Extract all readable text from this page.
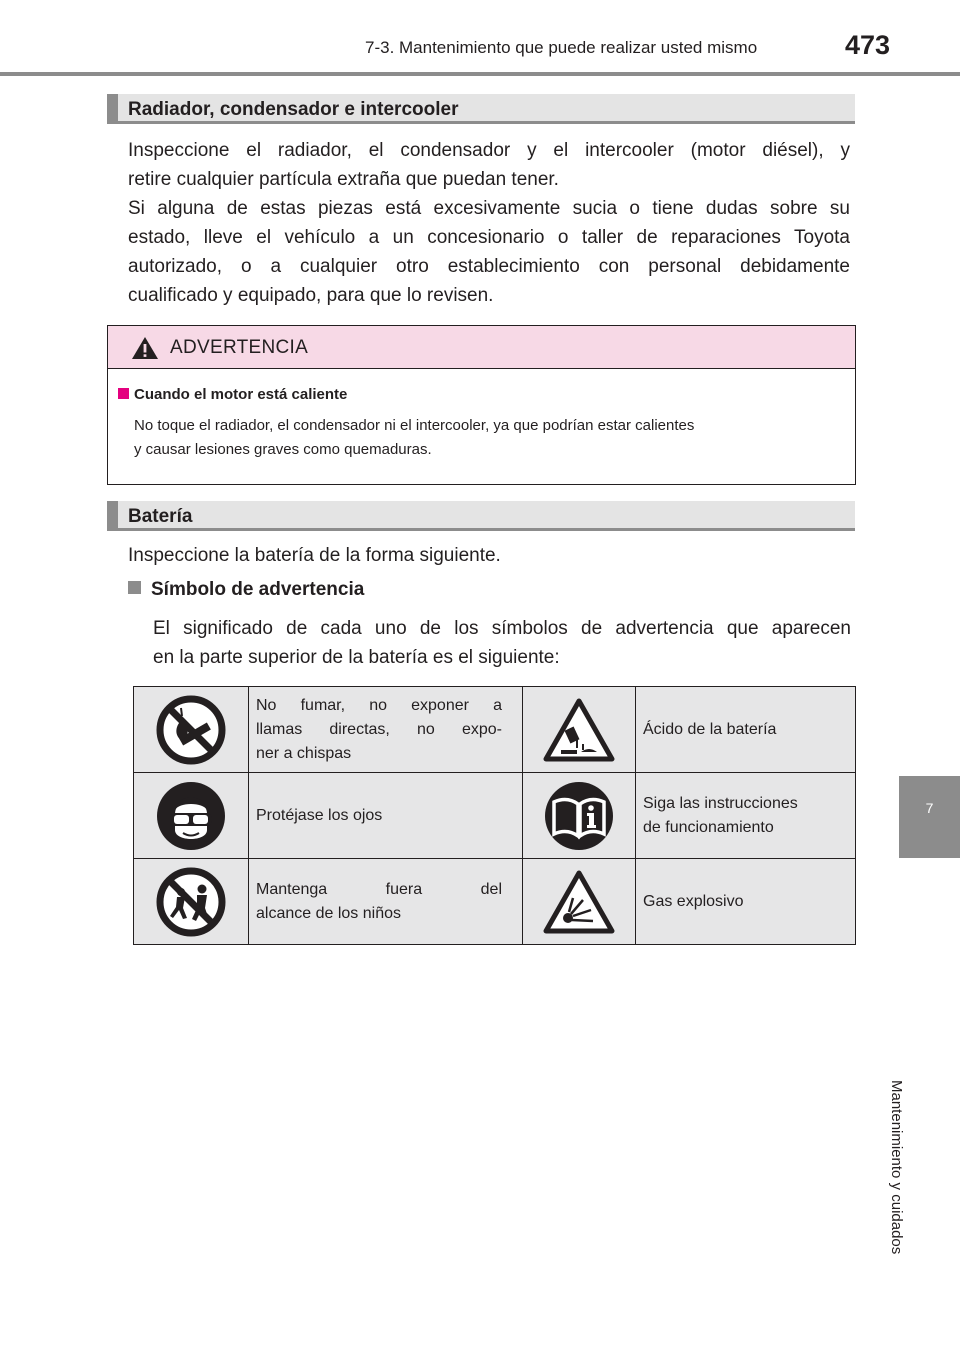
7-3. Mantenimiento que puede realizar usted mismo	473
Radiador, condensador e intercooler
Inspeccione el radiador, el condensador y el intercooler (motor diésel), y
retire cualquier partícula extraña que puedan tener.
Si alguna de estas piezas está excesivamente sucia o tiene dudas sobre su
estado, lleve el vehículo a un concesionario o taller de reparaciones Toyota
autorizado, o a cualquier otro establecimiento con personal debidamente
cualificado y equipado, para que lo revisen.
ADVERTENCIA
Cuando el motor está caliente
No toque el radiador, el condensador ni el intercooler, ya que podrían estar calientes
y causar lesiones graves como quemaduras.
Batería
Inspeccione la batería de la forma siguiente.
Símbolo de advertencia
El significado de cada uno de los símbolos de advertencia que aparecen
en la parte superior de la batería es el siguiente:

No fumar, no exponer a
llamas directas, no expo-
ner a chispas		Ácido de la batería

Protéjase los ojos		Siga las instrucciones
de funcionamiento

Mantenga fuera del
alcance de los niños		Gas explosivo
7
Mantenimiento y cuidados
